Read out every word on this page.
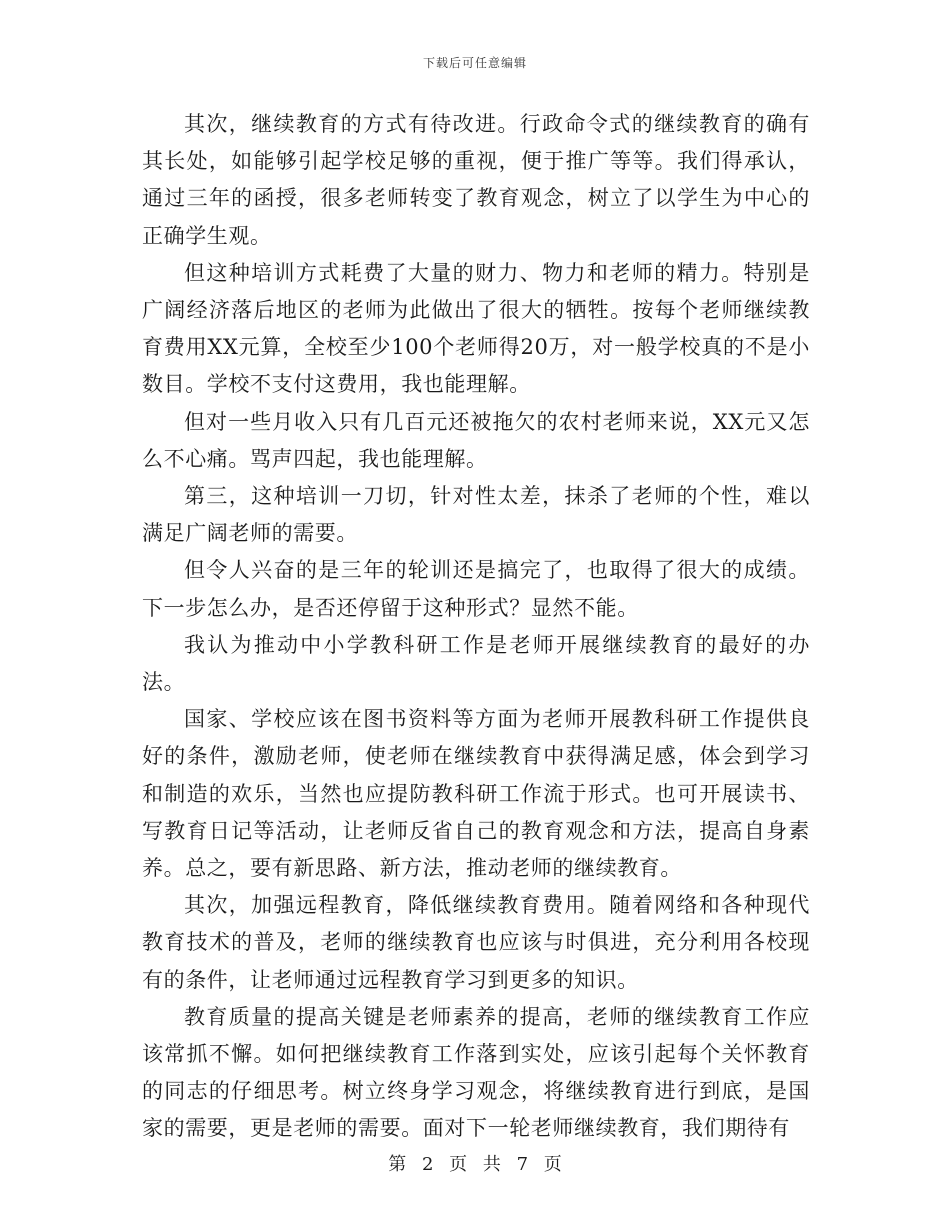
下载后可任意编辑

其次，继续教育的方式有待改进。行政命令式的继续教育的确有其长处，如能够引起学校足够的重视，便于推广等等。我们得承认，通过三年的函授，很多老师转变了教育观念，树立了以学生为中心的正确学生观。

但这种培训方式耗费了大量的财力、物力和老师的精力。特别是广阔经济落后地区的老师为此做出了很大的牺牲。按每个老师继续教育费用XX元算，全校至少100个老师得20万，对一般学校真的不是小数目。学校不支付这费用，我也能理解。

但对一些月收入只有几百元还被拖欠的农村老师来说，XX元又怎么不心痛。骂声四起，我也能理解。

第三，这种培训一刀切，针对性太差，抹杀了老师的个性，难以满足广阔老师的需要。

但令人兴奋的是三年的轮训还是搞完了，也取得了很大的成绩。下一步怎么办，是否还停留于这种形式？显然不能。

我认为推动中小学教科研工作是老师开展继续教育的最好的办法。

国家、学校应该在图书资料等方面为老师开展教科研工作提供良好的条件，激励老师，使老师在继续教育中获得满足感，体会到学习和制造的欢乐，当然也应提防教科研工作流于形式。也可开展读书、写教育日记等活动，让老师反省自己的教育观念和方法，提高自身素养。总之，要有新思路、新方法，推动老师的继续教育。

其次，加强远程教育，降低继续教育费用。随着网络和各种现代教育技术的普及，老师的继续教育也应该与时俱进，充分利用各校现有的条件，让老师通过远程教育学习到更多的知识。

教育质量的提高关键是老师素养的提高，老师的继续教育工作应该常抓不懈。如何把继续教育工作落到实处，应该引起每个关怀教育的同志的仔细思考。树立终身学习观念，将继续教育进行到底，是国家的需要，更是老师的需要。面对下一轮老师继续教育，我们期待有

第 2 页 共 7 页
